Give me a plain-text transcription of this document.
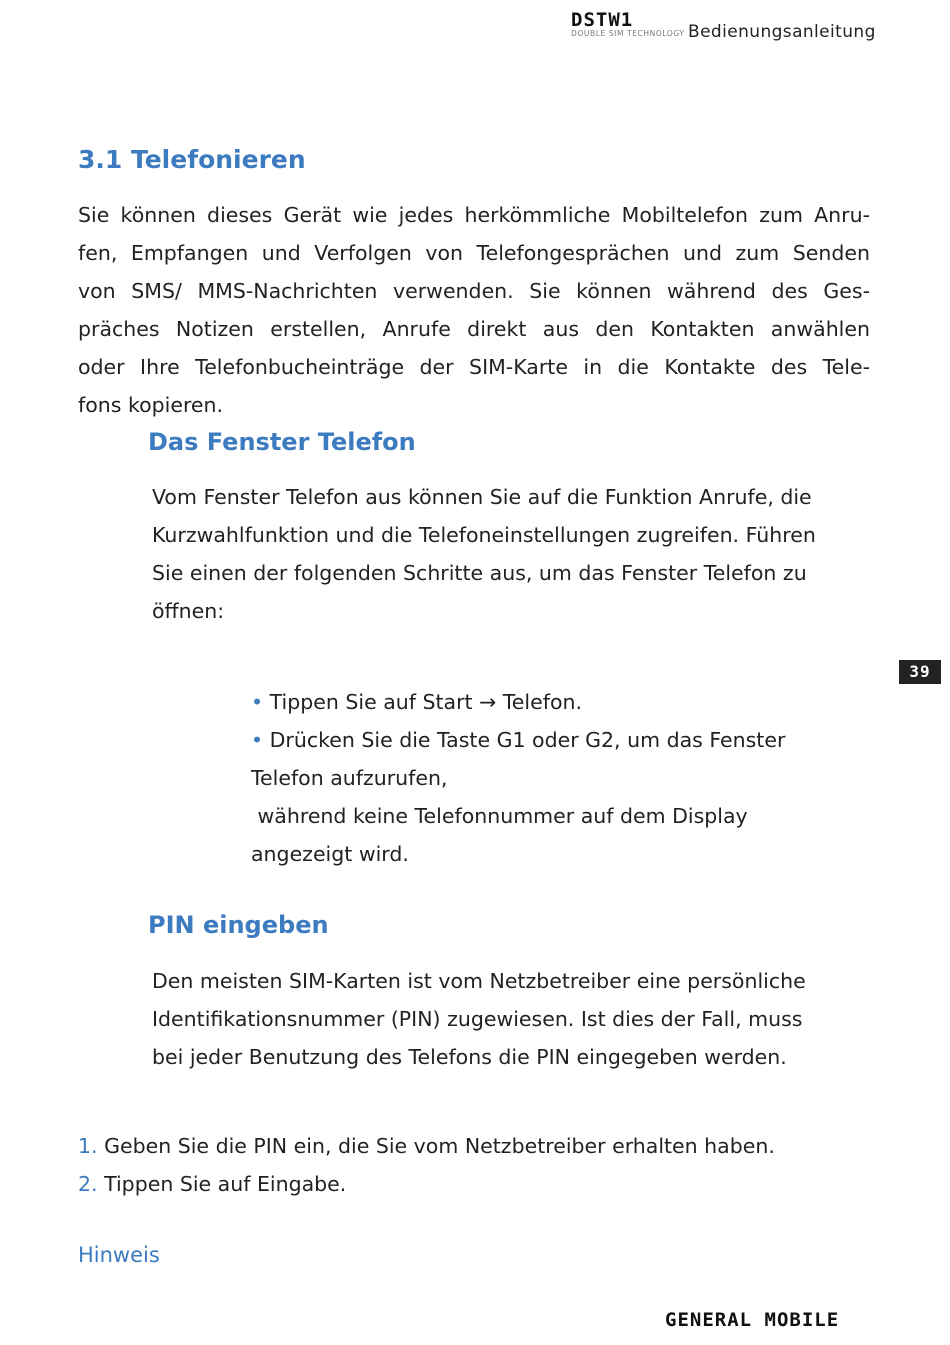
DSTW1
DOUBLE SIM TECHNOLOGY Bedienungsanleitung
3.1 Telefonieren
Sie können dieses Gerät wie jedes herkömmliche Mobiltelefon zum Anru-
fen, Empfangen und Verfolgen von Telefongesprächen und zum Senden
von SMS/ MMS-Nachrichten verwenden. Sie können während des Ges-
präches Notizen erstellen, Anrufe direkt aus den Kontakten anwählen
oder Ihre Telefonbucheinträge der SIM-Karte in die Kontakte des Tele-
fons kopieren.
Das Fenster Telefon
Vom Fenster Telefon aus können Sie auf die Funktion Anrufe, die
Kurzwahlfunktion und die Telefoneinstellungen zugreifen. Führen
Sie einen der folgenden Schritte aus, um das Fenster Telefon zu
öffnen:
• Tippen Sie auf Start → Telefon.
• Drücken Sie die Taste G1 oder G2, um das Fenster
Telefon aufzurufen,
während keine Telefonnummer auf dem Display
angezeigt wird.
39
PIN eingeben
Den meisten SIM-Karten ist vom Netzbetreiber eine persönliche
Identifikationsnummer (PIN) zugewiesen. Ist dies der Fall, muss
bei jeder Benutzung des Telefons die PIN eingegeben werden.
1. Geben Sie die PIN ein, die Sie vom Netzbetreiber erhalten haben.
2. Tippen Sie auf Eingabe.
Hinweis
GENERAL MOBILE
